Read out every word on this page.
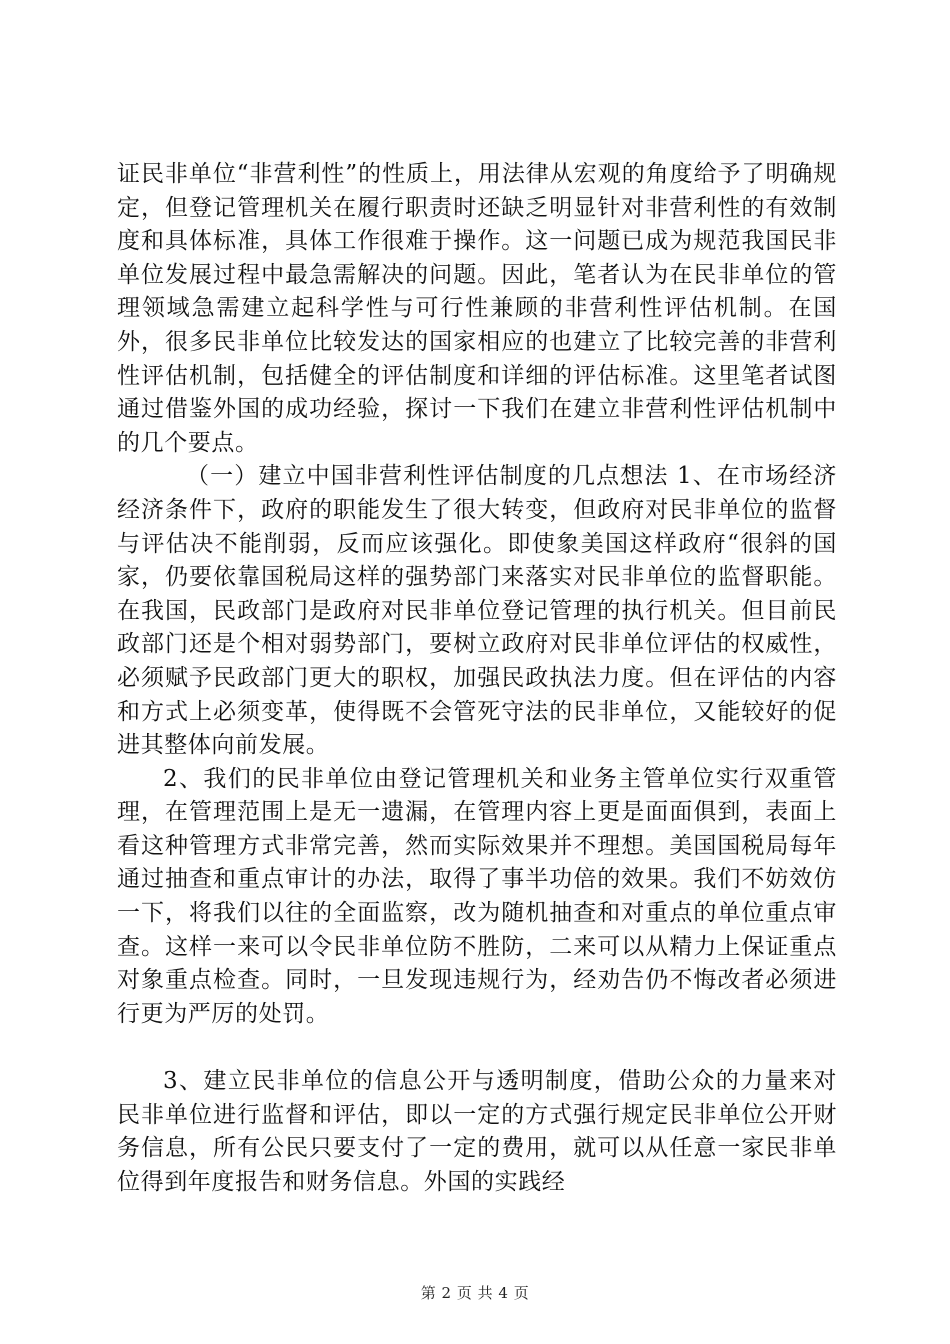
证民非单位“非营利性”的性质上，用法律从宏观的角度给予了明确规定，但登记管理机关在履行职责时还缺乏明显针对非营利性的有效制度和具体标准，具体工作很难于操作。这一问题已成为规范我国民非单位发展过程中最急需解决的问题。因此，笔者认为在民非单位的管理领域急需建立起科学性与可行性兼顾的非营利性评估机制。在国外，很多民非单位比较发达的国家相应的也建立了比较完善的非营利性评估机制，包括健全的评估制度和详细的评估标准。这里笔者试图通过借鉴外国的成功经验，探讨一下我们在建立非营利性评估机制中的几个要点。

（一）建立中国非营利性评估制度的几点想法 1、在市场经济经济条件下，政府的职能发生了很大转变，但政府对民非单位的监督与评估决不能削弱，反而应该强化。即使象美国这样政府“很斜的国家，仍要依靠国税局这样的强势部门来落实对民非单位的监督职能。在我国，民政部门是政府对民非单位登记管理的执行机关。但目前民政部门还是个相对弱势部门，要树立政府对民非单位评估的权威性，必须赋予民政部门更大的职权，加强民政执法力度。但在评估的内容和方式上必须变革，使得既不会管死守法的民非单位，又能较好的促进其整体向前发展。

2、我们的民非单位由登记管理机关和业务主管单位实行双重管理，在管理范围上是无一遗漏，在管理内容上更是面面俱到，表面上看这种管理方式非常完善，然而实际效果并不理想。美国国税局每年通过抽查和重点审计的办法，取得了事半功倍的效果。我们不妨效仿一下，将我们以往的全面监察，改为随机抽查和对重点的单位重点审查。这样一来可以令民非单位防不胜防，二来可以从精力上保证重点对象重点检查。同时，一旦发现违规行为，经劝告仍不悔改者必须进行更为严厉的处罚。

3、建立民非单位的信息公开与透明制度，借助公众的力量来对民非单位进行监督和评估，即以一定的方式强行规定民非单位公开财务信息，所有公民只要支付了一定的费用，就可以从任意一家民非单位得到年度报告和财务信息。外国的实践经

第 2 页 共 4 页
